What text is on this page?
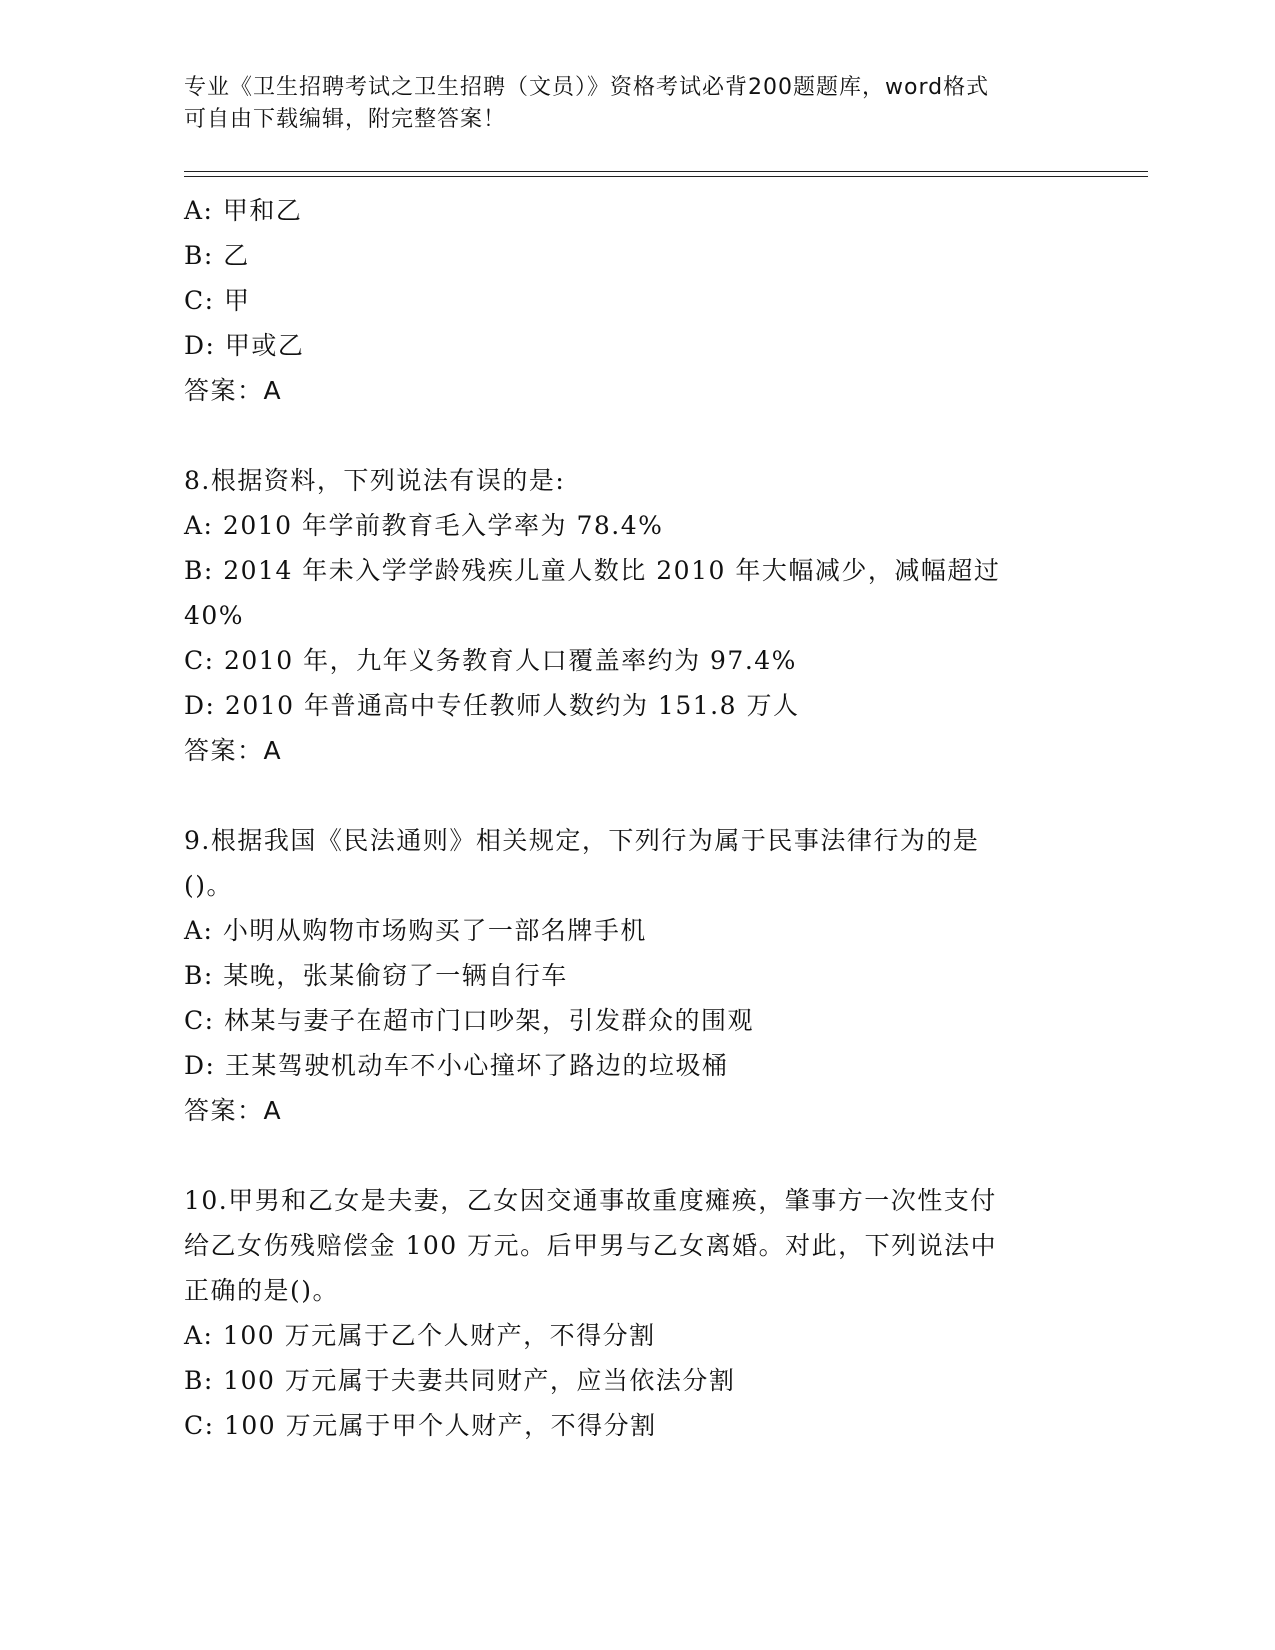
专业《卫生招聘考试之卫生招聘（文员）》资格考试必背200题题库，word格式
可自由下载编辑，附完整答案！
A: 甲和乙
B: 乙
C: 甲
D: 甲或乙
答案：A
8.根据资料，下列说法有误的是:
A: 2010 年学前教育毛入学率为 78.4%
B: 2014 年未入学学龄残疾儿童人数比 2010 年大幅减少，减幅超过
40%
C: 2010 年，九年义务教育人口覆盖率约为 97.4%
D: 2010 年普通高中专任教师人数约为 151.8 万人
答案：A
9.根据我国《民法通则》相关规定，下列行为属于民事法律行为的是
()。
A: 小明从购物市场购买了一部名牌手机
B: 某晚，张某偷窃了一辆自行车
C: 林某与妻子在超市门口吵架，引发群众的围观
D: 王某驾驶机动车不小心撞坏了路边的垃圾桶
答案：A
10.甲男和乙女是夫妻，乙女因交通事故重度瘫痪，肇事方一次性支付
给乙女伤残赔偿金 100 万元。后甲男与乙女离婚。对此，下列说法中
正确的是()。
A: 100 万元属于乙个人财产，不得分割
B: 100 万元属于夫妻共同财产，应当依法分割
C: 100 万元属于甲个人财产，不得分割
